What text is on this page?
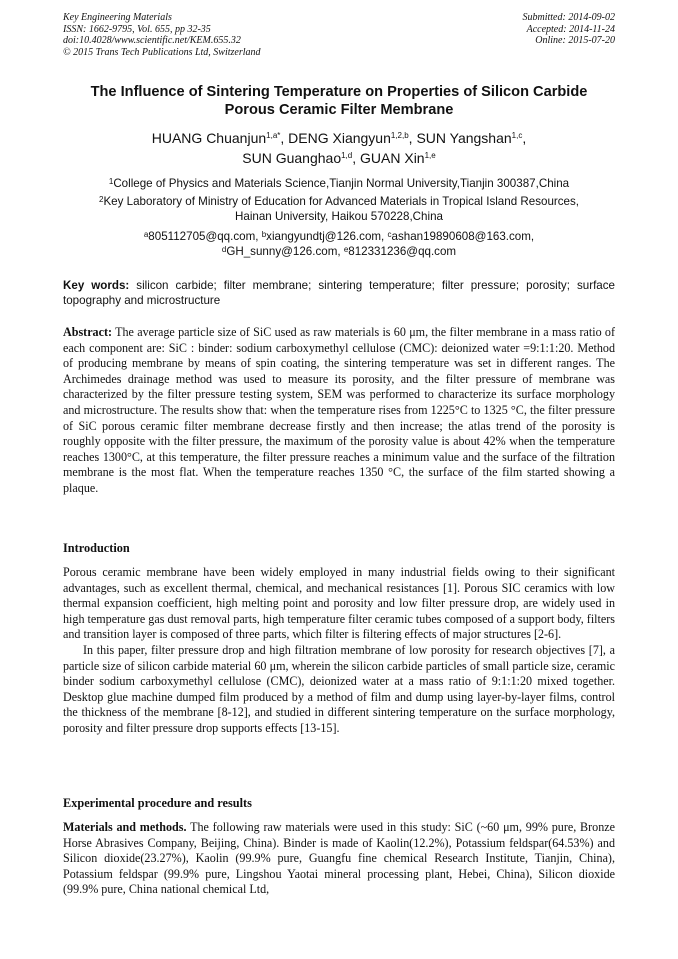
Key Engineering Materials
ISSN: 1662-9795, Vol. 655, pp 32-35
doi:10.4028/www.scientific.net/KEM.655.32
© 2015 Trans Tech Publications Ltd, Switzerland
Submitted: 2014-09-02
Accepted: 2014-11-24
Online: 2015-07-20
The Influence of Sintering Temperature on Properties of Silicon Carbide
Porous Ceramic Filter Membrane
HUANG Chuanjun$^{1,a*}$, DENG Xiangyun$^{1,2,b}$, SUN Yangshan$^{1,c}$,
SUN Guanghao$^{1,d}$, GUAN Xin$^{1,e}$
$^1$College of Physics and Materials Science,Tianjin Normal University,Tianjin 300387,China
$^2$Key Laboratory of Ministry of Education for Advanced Materials in Tropical Island Resources,
Hainan University, Haikou 570228,China
$^a$805112705@qq.com, $^b$xiangyundtj@126.com, $^c$ashan19890608@163.com,
$^d$GH_sunny@126.com, $^e$812331236@qq.com
Key words: silicon carbide; filter membrane; sintering temperature; filter pressure; porosity; surface topography and microstructure

Abstract: The average particle size of SiC used as raw materials is 60 μm, the filter membrane in a mass ratio of each component are: SiC : binder: sodium carboxymethyl cellulose (CMC): deionized water =9:1:1:20. Method of producing membrane by means of spin coating, the sintering temperature was set in different ranges. The Archimedes drainage method was used to measure its porosity, and the filter pressure of membrane was characterized by the filter pressure testing system, SEM was performed to characterize its surface morphology and microstructure. The results show that: when the temperature rises from 1225°C to 1325 °C, the filter pressure of SiC porous ceramic filter membrane decrease firstly and then increase; the atlas trend of the porosity is roughly opposite with the filter pressure, the maximum of the porosity value is about 42% when the temperature reaches 1300°C, at this temperature, the filter pressure reaches a minimum value and the surface of the filtration membrane is the most flat. When the temperature reaches 1350 °C, the surface of the film started showing a plaque.

Introduction

Porous ceramic membrane have been widely employed in many industrial fields owing to their significant advantages, such as excellent thermal, chemical, and mechanical resistances [1]. Porous SIC ceramics with low thermal expansion coefficient, high melting point and porosity and low filter pressure drop, are widely used in high temperature gas dust removal parts, high temperature filter ceramic tubes composed of a support body, filters and transition layer is composed of three parts, which filter is filtering effects of major structures [2-6].

In this paper, filter pressure drop and high filtration membrane of low porosity for research objectives [7], a particle size of silicon carbide material 60 μm, wherein the silicon carbide particles of small particle size, ceramic binder sodium carboxymethyl cellulose (CMC), deionized water at a mass ratio of 9:1:1:20 mixed together. Desktop glue machine dumped film produced by a method of film and dump using layer-by-layer films, control the thickness of the membrane [8-12], and studied in different sintering temperature on the surface morphology, porosity and filter pressure drop supports effects [13-15].

Experimental procedure and results

Materials and methods. The following raw materials were used in this study: SiC (~60 μm, 99% pure, Bronze Horse Abrasives Company, Beijing, China). Binder is made of Kaolin(12.2%), Potassium feldspar(64.53%) and Silicon dioxide(23.27%), Kaolin (99.9% pure, Guangfu fine chemical Research Institute, Tianjin, China), Potassium feldspar (99.9% pure, Lingshou Yaotai mineral processing plant, Hebei, China), Silicon dioxide (99.9% pure, China national chemical Ltd,
